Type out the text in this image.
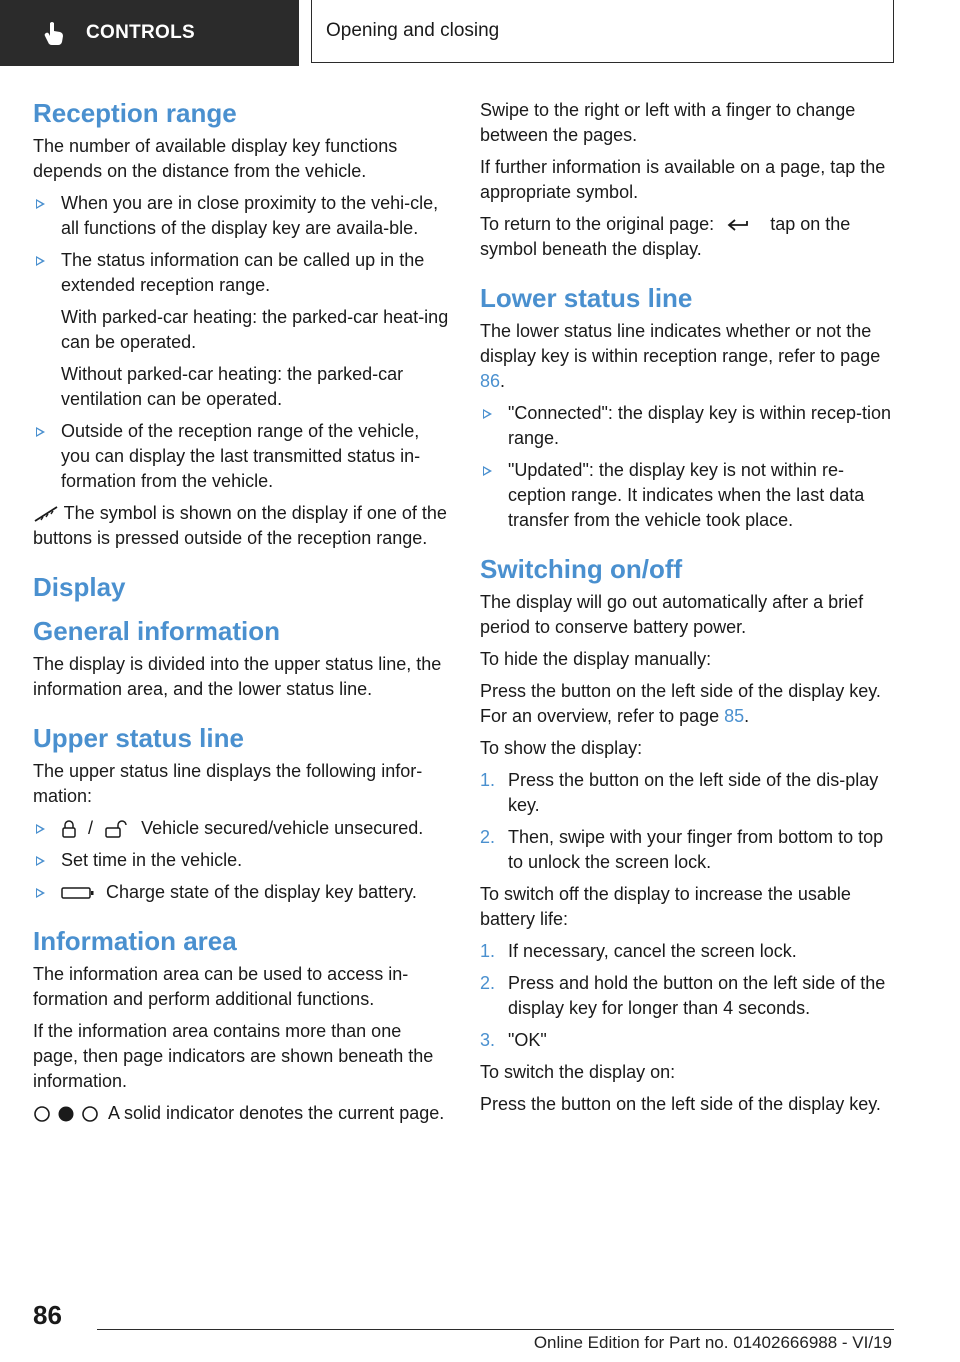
CONTROLS	Opening and closing
Reception range

The number of available display key functions depends on the distance from the vehicle.

When you are in close proximity to the vehi-cle, all functions of the display key are availa-ble.
The status information can be called up in the extended reception range.
With parked-car heating: the parked-car heat-ing can be operated.
Without parked-car heating: the parked-car ventilation can be operated.
Outside of the reception range of the vehicle, you can display the last transmitted status in-formation from the vehicle.

The symbol is shown on the display if one of the buttons is pressed outside of the reception range.

Display
General information

The display is divided into the upper status line, the information area, and the lower status line.

Upper status line

The upper status line displays the following infor-mation:

/	Vehicle secured/vehicle unsecured.
Set time in the vehicle.
Charge state of the display key battery.
Information area

The information area can be used to access in-formation and perform additional functions.

If the information area contains more than one page, then page indicators are shown beneath the information.

A solid indicator denotes the current page.

Swipe to the right or left with a finger to change between the pages.

If further information is available on a page, tap the appropriate symbol.

To return to the original page:	tap on the symbol beneath the display.

Lower status line

The lower status line indicates whether or not the display key is within reception range, refer to page 86.

"Connected": the display key is within recep-tion range.
"Updated": the display key is not within re-ception range. It indicates when the last data transfer from the vehicle took place.
Switching on/off

The display will go out automatically after a brief period to conserve battery power.

To hide the display manually:

Press the button on the left side of the display key. For an overview, refer to page 85.

To show the display:

1. Press the button on the left side of the dis-play key.
2. Then, swipe with your finger from bottom to top to unlock the screen lock.

To switch off the display to increase the usable battery life:

1. If necessary, cancel the screen lock.
2. Press and hold the button on the left side of the display key for longer than 4 seconds.
3. "OK"

To switch the display on:

Press the button on the left side of the display key.

86
Online Edition for Part no. 01402666988 - VI/19
